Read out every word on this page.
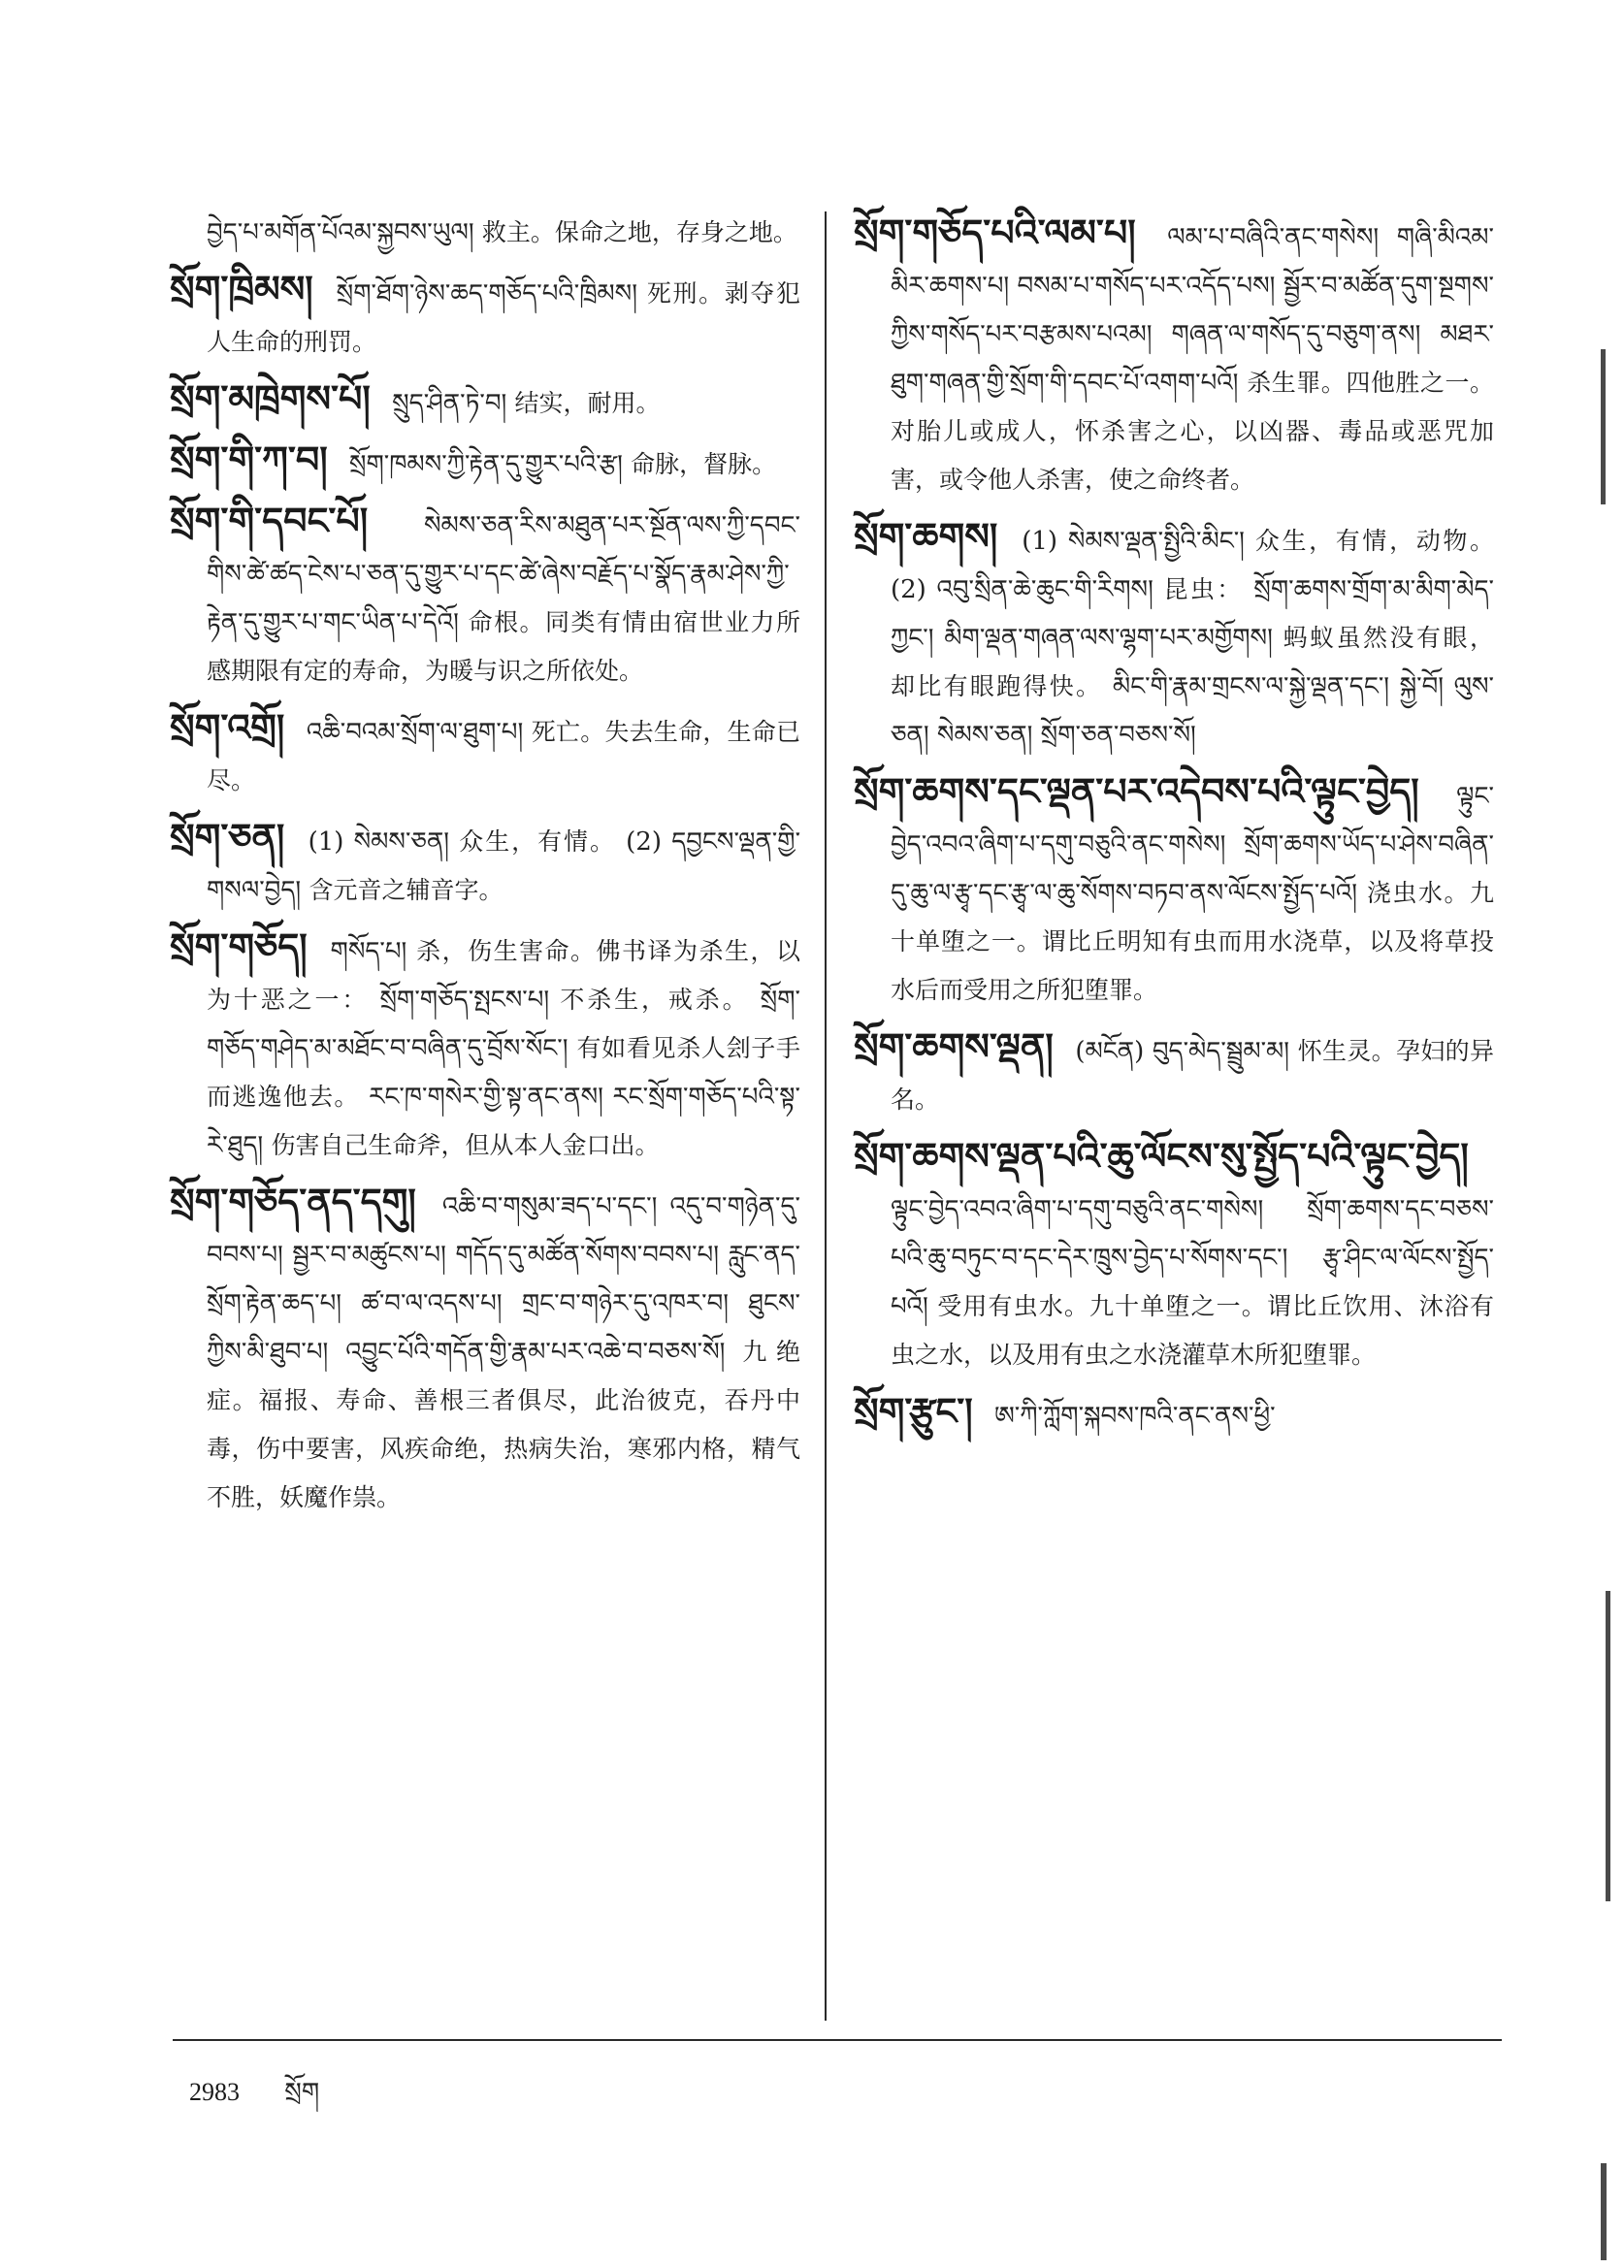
བྱེད་པ་མགོན་པོའམ་སྐྱབས་ཡུལ། 救主。保命之地，存身之地。

སྲོག་ཁྲིམས། སྲོག་ཐོག་ཉེས་ཆད་གཅོད་པའི་ཁྲིམས། 死刑。剥夺犯人生命的刑罚。

སྲོག་མཁྲེགས་པོ། སྲུད་ཤིན་ཏེ་བ། 结实，耐用。

སྲོག་གི་ཀ་བ། སྲོག་ཁམས་ཀྱི་རྟེན་དུ་གྱུར་པའི་རྩ། 命脉，督脉。

སྲོག་གི་དབང་པོ། སེམས་ཅན་རིས་མཐུན་པར་སྔོན་ལས་ཀྱི་དབང་གིས་ཚེ་ཚད་ངེས་པ་ཅན་དུ་གྱུར་པ་དང་ཚེ་ཞེས་བརྗོད་པ་སྣོད་རྣམ་ཤེས་ཀྱི་རྟེན་དུ་གྱུར་པ་གང་ཡིན་པ་དེའོ། 命根。同类有情由宿世业力所感期限有定的寿命，为暖与识之所依处。

སྲོག་འགྲོ། འཆི་བའམ་སྲོག་ལ་ཐུག་པ། 死亡。失去生命，生命已尽。

སྲོག་ཅན། (1) སེམས་ཅན། 众生，有情。 (2) དབྱངས་ལྡན་གྱི་གསལ་བྱེད། 含元音之辅音字。

སྲོག་གཅོད། གསོད་པ། 杀，伤生害命。佛书译为杀生，以为十恶之一： སྲོག་གཅོད་སྤངས་པ། 不杀生，戒杀。 སྲོག་གཅོད་གཤེད་མ་མཐོང་བ་བཞིན་དུ་བྲོས་སོང་། 有如看见杀人刽子手而逃逸他去。 རང་ཁ་གསེར་གྱི་སྟ་ནང་ནས། རང་སྲོག་གཅོད་པའི་སྟ་རེ་ཐུད། 伤害自己生命斧，但从本人金口出。

སྲོག་གཅོད་ནད་དགུ། འཆི་བ་གསུམ་ཟད་པ་དང་། འདུ་བ་གཉེན་དུ་བབས་པ། སྦྱར་བ་མཚུངས་པ། གདོད་དུ་མཚོན་སོགས་བབས་པ། རླུང་ནད་སྲོག་རྟེན་ཆད་པ། ཚ་བ་ལ་འདས་པ། གྲང་བ་གཉེར་དུ་འཁར་བ། ཐུངས་ཀྱིས་མི་ཐུབ་པ། འབྱུང་པོའི་གདོན་གྱི་རྣམ་པར་འཆེ་བ་བཅས་སོ། 九绝症。福报、寿命、善根三者俱尽，此治彼克，吞丹中毒，伤中要害，风疾命绝，热病失治，寒邪内格，精气不胜，妖魔作祟。

སྲོག་གཅོད་པའི་ལམ་པ། ལམ་པ་བཞིའི་ནང་གསེས། གཞི་མིའམ་མིར་ཆགས་པ། བསམ་པ་གསོད་པར་འདོད་པས། སྦྱོར་བ་མཚོན་དུག་སྔགས་ཀྱིས་གསོད་པར་བརྩམས་པའམ། གཞན་ལ་གསོད་དུ་བཅུག་ནས། མཐར་ཐུག་གཞན་གྱི་སྲོག་གི་དབང་པོ་འགག་པའོ། 杀生罪。四他胜之一。对胎儿或成人，怀杀害之心，以凶器、毒品或恶咒加害，或令他人杀害，使之命终者。

སྲོག་ཆགས། (1) སེམས་ལྡན་སྤྱིའི་མིང་། 众生，有情，动物。 (2) འབུ་སྲིན་ཆེ་ཆུང་གི་རིགས། 昆虫： སྲོག་ཆགས་གྲོག་མ་མིག་མེད་ཀྱང་། མིག་ལྡན་གཞན་ལས་ལྷག་པར་མགྱོགས། 蚂蚁虽然没有眼，却比有眼跑得快。 མིང་གི་རྣམ་གྲངས་ལ་སྐྱེ་ལྡན་དང་། སྐྱེ་བོ། ལུས་ཅན། སེམས་ཅན། སྲོག་ཅན་བཅས་སོ།

སྲོག་ཆགས་དང་ལྡན་པར་འདེབས་པའི་ལྟུང་བྱེད། ལྟུང་བྱེད་འབའ་ཞིག་པ་དགུ་བཅུའི་ནང་གསེས། སྲོག་ཆགས་ཡོད་པ་ཤེས་བཞིན་དུ་ཆུ་ལ་རྩྭ་དང་རྩྭ་ལ་ཆུ་སོགས་བཏབ་ནས་ལོངས་སྤྱོད་པའོ། 浇虫水。九十单堕之一。谓比丘明知有虫而用水浇草，以及将草投水后而受用之所犯堕罪。

སྲོག་ཆགས་ལྡན། (མངོན) བུད་མེད་སྦྲུམ་མ། 怀生灵。孕妇的异名。

སྲོག་ཆགས་ལྡན་པའི་ཆུ་ལོངས་སུ་སྤྱོད་པའི་ལྟུང་བྱེད། ལྟུང་བྱེད་འབའ་ཞིག་པ་དགུ་བཅུའི་ནང་གསེས། སྲོག་ཆགས་དང་བཅས་པའི་ཆུ་བཏུང་བ་དང་དེར་ཁྲུས་བྱེད་པ་སོགས་དང་། རྩྭ་ཤིང་ལ་ལོངས་སྤྱོད་པའོ། 受用有虫水。九十单堕之一。谓比丘饮用、沐浴有虫之水，以及用有虫之水浇灌草木所犯堕罪。

སྲོག་རྩུང་། ཨ་ཀི་ཀློག་སྐབས་ཁའི་ནང་ནས་ཕྱི་

2983 སྲོག
